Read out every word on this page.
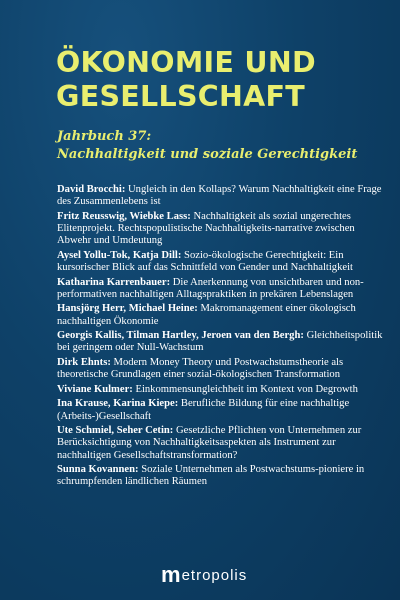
ÖKONOMIE UND
GESELLSCHAFT
Jahrbuch 37:
Nachhaltigkeit und soziale Gerechtigkeit
David Brocchi: Ungleich in den Kollaps? Warum Nachhaltigkeit eine Frage des Zusammenlebens ist
Fritz Reusswig, Wiebke Lass: Nachhaltigkeit als sozial ungerechtes Elitenprojekt. Rechtspopulistische Nachhaltigkeits-narrative zwischen Abwehr und Umdeutung
Aysel Yollu-Tok, Katja Dill: Sozio-ökologische Gerechtigkeit: Ein kursorischer Blick auf das Schnittfeld von Gender und Nachhaltigkeit
Katharina Karrenbauer: Die Anerkennung von unsichtbaren und non-performativen nachhaltigen Alltagspraktiken in prekären Lebenslagen
Hansjörg Herr, Michael Heine: Makromanagement einer ökologisch nachhaltigen Ökonomie
Georgis Kallis, Tilman Hartley, Jeroen van den Bergh: Gleichheitspolitik bei geringem oder Null-Wachstum
Dirk Ehnts: Modern Money Theory und Postwachstumstheorie als theoretische Grundlagen einer sozial-ökologischen Transformation
Viviane Kulmer: Einkommensungleichheit im Kontext von Degrowth
Ina Krause, Karina Kiepe: Berufliche Bildung für eine nachhaltige (Arbeits-)Gesellschaft
Ute Schmiel, Seher Cetin: Gesetzliche Pflichten von Unternehmen zur Berücksichtigung von Nachhaltigkeitsaspekten als Instrument zur nachhaltigen Gesellschaftstransformation?
Sunna Kovannen: Soziale Unternehmen als Postwachstums-pioniere in schrumpfenden ländlichen Räumen
m etropolis
